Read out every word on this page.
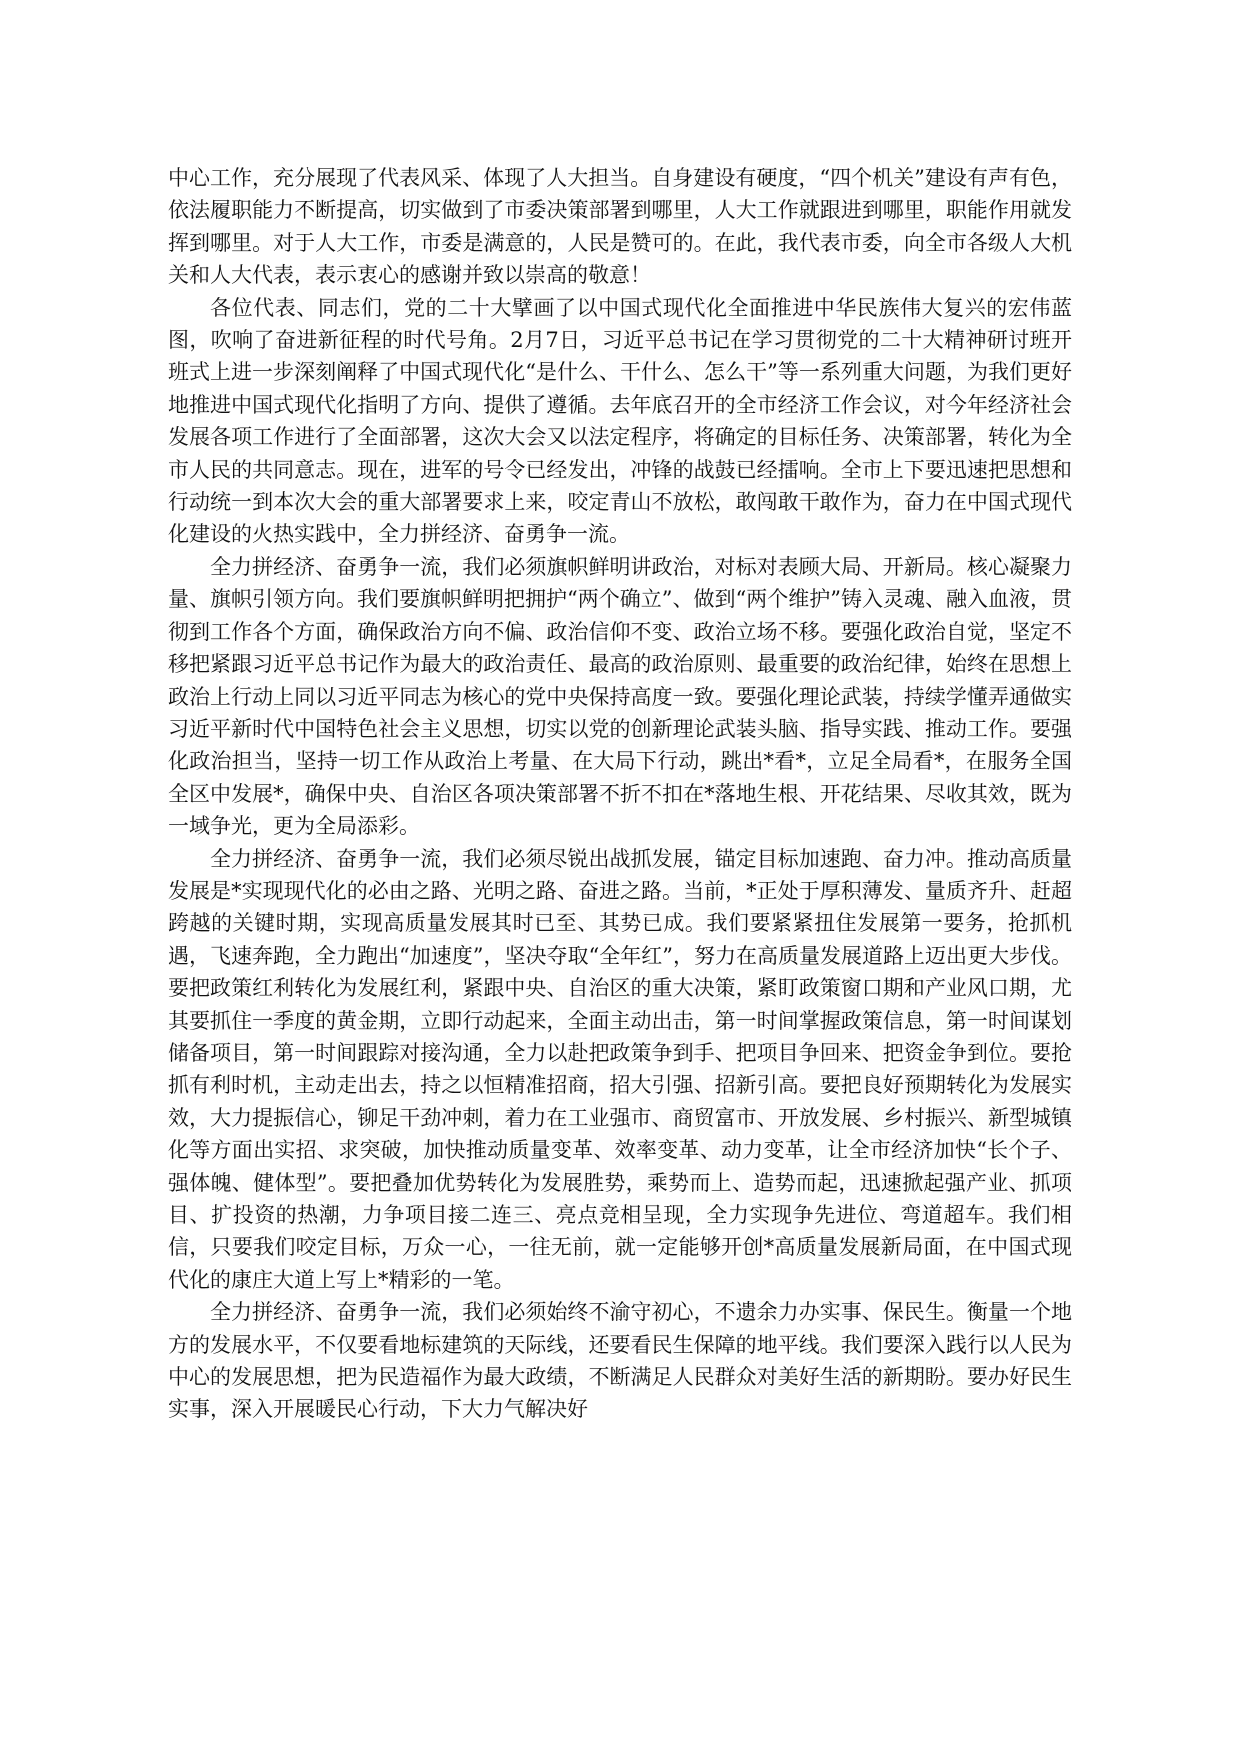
中心工作，充分展现了代表风采、体现了人大担当。自身建设有硬度，“四个机关”建设有声有色，依法履职能力不断提高，切实做到了市委决策部署到哪里，人大工作就跟进到哪里，职能作用就发挥到哪里。对于人大工作，市委是满意的，人民是赞可的。在此，我代表市委，向全市各级人大机关和人大代表，表示衷心的感谢并致以崇高的敬意！

各位代表、同志们，党的二十大擘画了以中国式现代化全面推进中华民族伟大复兴的宏伟蓝图，吹响了奋进新征程的时代号角。2月7日，习近平总书记在学习贯彻党的二十大精神研讨班开班式上进一步深刻阐释了中国式现代化“是什么、干什么、怎么干”等一系列重大问题，为我们更好地推进中国式现代化指明了方向、提供了遵循。去年底召开的全市经济工作会议，对今年经济社会发展各项工作进行了全面部署，这次大会又以法定程序，将确定的目标任务、决策部署，转化为全市人民的共同意志。现在，进军的号令已经发出，冲锋的战鼓已经擂响。全市上下要迅速把思想和行动统一到本次大会的重大部署要求上来，咬定青山不放松，敢闯敢干敢作为，奋力在中国式现代化建设的火热实践中，全力拼经济、奋勇争一流。

全力拼经济、奋勇争一流，我们必须旗帜鲜明讲政治，对标对表顾大局、开新局。核心凝聚力量、旗帜引领方向。我们要旗帜鲜明把拥护“两个确立”、做到“两个维护”铸入灵魂、融入血液，贯彻到工作各个方面，确保政治方向不偏、政治信仰不变、政治立场不移。要强化政治自觉，坚定不移把紧跟习近平总书记作为最大的政治责任、最高的政治原则、最重要的政治纪律，始终在思想上政治上行动上同以习近平同志为核心的党中央保持高度一致。要强化理论武装，持续学懂弄通做实习近平新时代中国特色社会主义思想，切实以党的创新理论武装头脑、指导实践、推动工作。要强化政治担当，坚持一切工作从政治上考量、在大局下行动，跳出*看*，立足全局看*，在服务全国全区中发展*，确保中央、自治区各项决策部署不折不扣在*落地生根、开花结果、尽收其效，既为一域争光，更为全局添彩。

全力拼经济、奋勇争一流，我们必须尽锐出战抓发展，锚定目标加速跑、奋力冲。推动高质量发展是*实现现代化的必由之路、光明之路、奋进之路。当前，*正处于厚积薄发、量质齐升、赶超跨越的关键时期，实现高质量发展其时已至、其势已成。我们要紧紧扭住发展第一要务，抢抓机遇，飞速奔跑，全力跑出“加速度”，坚决夺取“全年红”，努力在高质量发展道路上迈出更大步伐。要把政策红利转化为发展红利，紧跟中央、自治区的重大决策，紧盯政策窗口期和产业风口期，尤其要抓住一季度的黄金期，立即行动起来，全面主动出击，第一时间掌握政策信息，第一时间谋划储备项目，第一时间跟踪对接沟通，全力以赴把政策争到手、把项目争回来、把资金争到位。要抢抓有利时机，主动走出去，持之以恒精准招商，招大引强、招新引高。要把良好预期转化为发展实效，大力提振信心，铆足干劲冲刺，着力在工业强市、商贸富市、开放发展、乡村振兴、新型城镇化等方面出实招、求突破，加快推动质量变革、效率变革、动力变革，让全市经济加快“长个子、强体魄、健体型”。要把叠加优势转化为发展胜势，乘势而上、造势而起，迅速掀起强产业、抓项目、扩投资的热潮，力争项目接二连三、亮点竞相呈现，全力实现争先进位、弯道超车。我们相信，只要我们咬定目标，万众一心，一往无前，就一定能够开创*高质量发展新局面，在中国式现代化的康庄大道上写上*精彩的一笔。

全力拼经济、奋勇争一流，我们必须始终不渝守初心，不遗余力办实事、保民生。衡量一个地方的发展水平，不仅要看地标建筑的天际线，还要看民生保障的地平线。我们要深入践行以人民为中心的发展思想，把为民造福作为最大政绩，不断满足人民群众对美好生活的新期盼。要办好民生实事，深入开展暖民心行动，下大力气解决好
